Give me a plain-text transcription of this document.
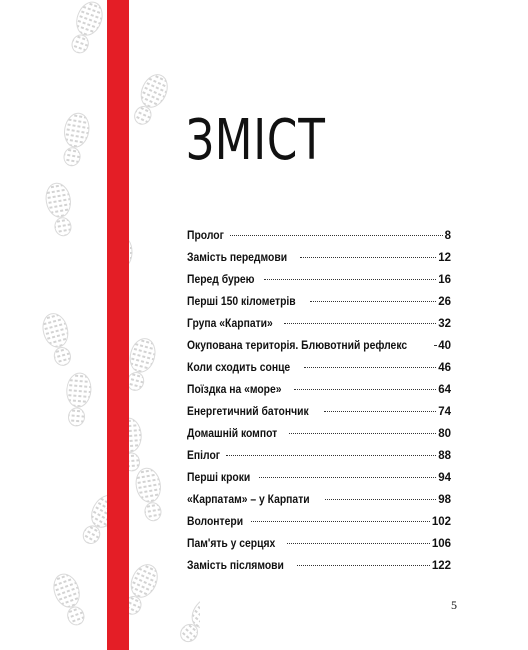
ЗМІСТ
Пролог	8
Замість передмови	12
Перед бурею	16
Перші 150 кілометрів	26
Група «Карпати»	32
Окупована територія. Блювотний рефлекс	40
Коли сходить сонце	46
Поїздка на «море»	64
Енергетичний батончик	74
Домашній компот	80
Епілог	88
Перші кроки	94
«Карпатам» – у Карпати	98
Волонтери	102
Пам'ять у серцях	106
Замість післямови	122
5
